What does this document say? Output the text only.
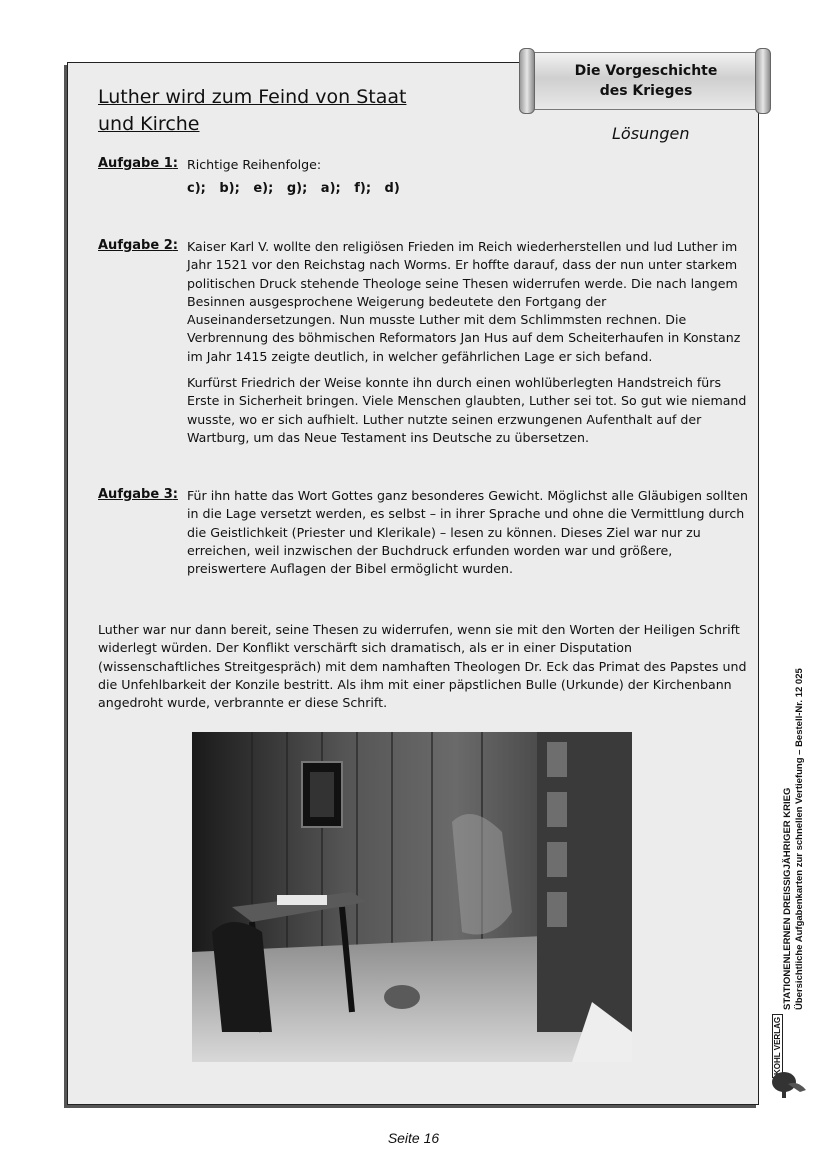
Die Vorgeschichte
des Krieges
Lösungen
Luther wird zum Feind von Staat
und Kirche
Aufgabe 1: Richtige Reihenfolge:
c); b); e); g); a); f); d)
Aufgabe 2: Kaiser Karl V. wollte den religiösen Frieden im Reich wiederherstellen und lud Luther im Jahr 1521 vor den Reichstag nach Worms. Er hoffte darauf, dass der nun unter starkem politischen Druck stehende Theologe seine Thesen widerrufen werde. Die nach langem Besinnen ausgesprochene Weigerung bedeutete den Fortgang der Auseinandersetzungen. Nun musste Luther mit dem Schlimmsten rechnen. Die Verbrennung des böhmischen Reformators Jan Hus auf dem Scheiterhaufen in Konstanz im Jahr 1415 zeigte deutlich, in welcher gefährlichen Lage er sich befand.
Kurfürst Friedrich der Weise konnte ihn durch einen wohlüberlegten Handstreich fürs Erste in Sicherheit bringen. Viele Menschen glaubten, Luther sei tot. So gut wie niemand wusste, wo er sich aufhielt. Luther nutzte seinen erzwungenen Aufenthalt auf der Wartburg, um das Neue Testament ins Deutsche zu übersetzen.
Aufgabe 3: Für ihn hatte das Wort Gottes ganz besonderes Gewicht. Möglichst alle Gläubigen sollten in die Lage versetzt werden, es selbst – in ihrer Sprache und ohne die Vermittlung durch die Geistlichkeit (Priester und Klerikale) – lesen zu können. Dieses Ziel war nur zu erreichen, weil inzwischen der Buchdruck erfunden worden war und größere, preiswertere Auflagen der Bibel ermöglicht wurden.
Luther war nur dann bereit, seine Thesen zu widerrufen, wenn sie mit den Worten der Heiligen Schrift widerlegt würden. Der Konflikt verschärft sich dramatisch, als er in einer Disputation (wissenschaftliches Streitgespräch) mit dem namhaften Theologen Dr. Eck das Primat des Papstes und die Unfehlbarkeit der Konzile bestritt. Als ihm mit einer päpstlichen Bulle (Urkunde) der Kirchenbann angedroht wurde, verbrannte er diese Schrift.
STATIONENLERNEN DREISSIGJÄHRIGER KRIEG Übersichtliche Aufgabenkarten zur schnellen Vertiefung – Bestell-Nr. 12 025
KOHL VERLAG
Seite 16
